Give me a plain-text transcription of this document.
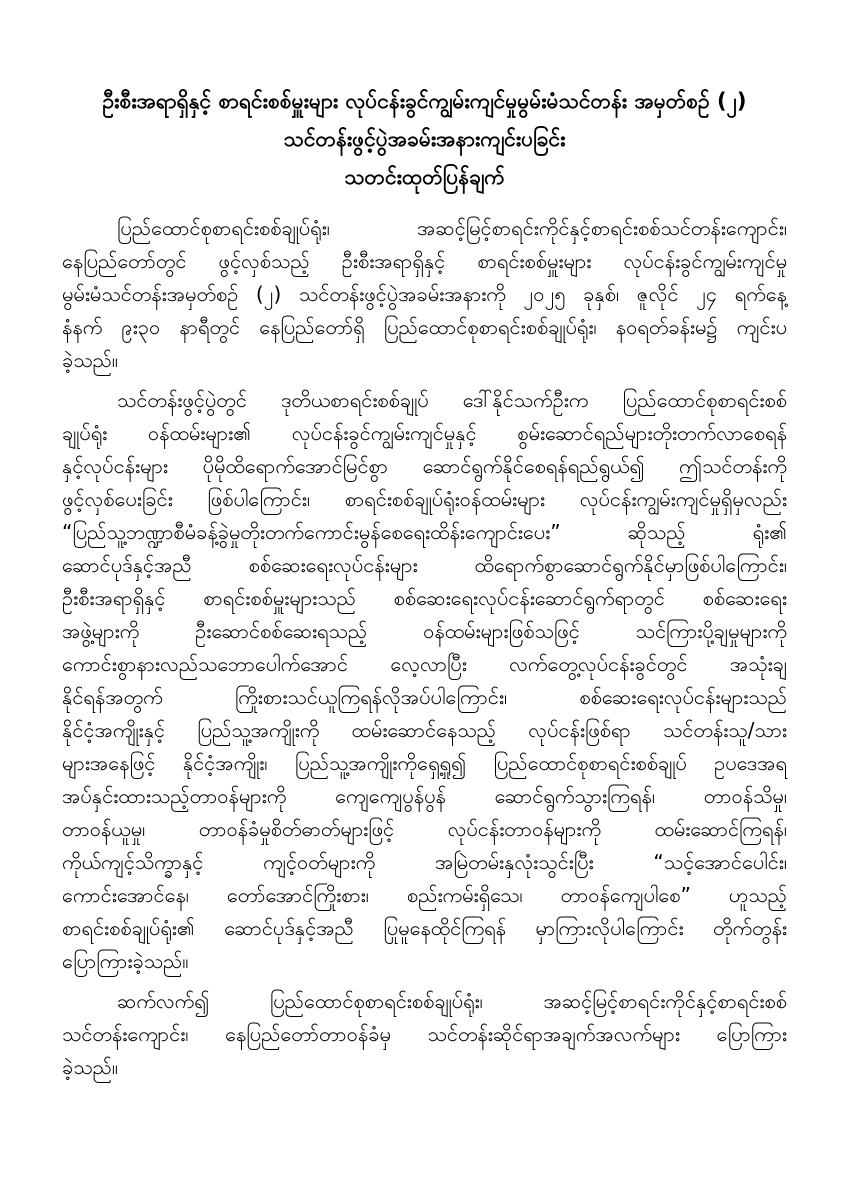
ဦးစီးအရာရှိနှင့် စာရင်းစစ်မှူးများ လုပ်ငန်းခွင်ကျွမ်းကျင်မှုမွမ်းမံသင်တန်း အမှတ်စဉ် (၂)
သင်တန်းဖွင့်ပွဲအခမ်းအနားကျင်းပခြင်း
သတင်းထုတ်ပြန်ချက်
ပြည်ထောင်စုစာရင်းစစ်ချုပ်ရုံး၊ အဆင့်မြင့်စာရင်းကိုင်နှင့်စာရင်းစစ်သင်တန်းကျောင်း၊
နေပြည်တော်တွင် ဖွင့်လှစ်သည့် ဦးစီးအရာရှိနှင့် စာရင်းစစ်မှူးများ လုပ်ငန်းခွင်ကျွမ်းကျင်မှု
မွမ်းမံသင်တန်းအမှတ်စဉ် (၂) သင်တန်းဖွင့်ပွဲအခမ်းအနားကို ၂၀၂၅ ခုနှစ်၊ ဇူလိုင် ၂၄ ရက်နေ့
နံနက် ၉း၃၀ နာရီတွင် နေပြည်တော်ရှိ ပြည်ထောင်စုစာရင်းစစ်ချုပ်ရုံး၊ နဝရတ်ခန်းမ၌ ကျင်းပ
ခဲ့သည်။
သင်တန်းဖွင့်ပွဲတွင် ဒုတိယစာရင်းစစ်ချုပ် ဒေါ်နိုင်သက်ဦးက ပြည်ထောင်စုစာရင်းစစ်
ချုပ်ရုံး ဝန်ထမ်းများ၏ လုပ်ငန်းခွင်ကျွမ်းကျင်မှုနှင့် စွမ်းဆောင်ရည်များတိုးတက်လာစေရန်
နှင့်လုပ်ငန်းများ ပိုမိုထိရောက်အောင်မြင်စွာ ဆောင်ရွက်နိုင်စေရန်ရည်ရွယ်၍ ဤသင်တန်းကို
ဖွင့်လှစ်ပေးခြင်း ဖြစ်ပါကြောင်း၊ စာရင်းစစ်ချုပ်ရုံးဝန်ထမ်းများ လုပ်ငန်းကျွမ်းကျင်မှုရှိမှလည်း
“ပြည်သူ့ဘဏ္ဍာစီမံခန့်ခွဲမှုတိုးတက်ကောင်းမွန်စေရေးထိန်းကျောင်းပေး” ဆိုသည့် ရုံး၏
ဆောင်ပုဒ်နှင့်အညီ စစ်ဆေးရေးလုပ်ငန်းများ ထိရောက်စွာဆောင်ရွက်နိုင်မှာဖြစ်ပါကြောင်း၊
ဦးစီးအရာရှိနှင့် စာရင်းစစ်မှူးများသည် စစ်ဆေးရေးလုပ်ငန်းဆောင်ရွက်ရာတွင် စစ်ဆေးရေး
အဖွဲ့များကို ဦးဆောင်စစ်ဆေးရသည့် ဝန်ထမ်းများဖြစ်သဖြင့် သင်ကြားပို့ချမှုများကို
ကောင်းစွာနားလည်သဘောပေါက်အောင် လေ့လာပြီး လက်တွေ့လုပ်ငန်းခွင်တွင် အသုံးချ
နိုင်ရန်အတွက် ကြိုးစားသင်ယူကြရန်လိုအပ်ပါကြောင်း၊ စစ်ဆေးရေးလုပ်ငန်းများသည်
နိုင်ငံ့အကျိုးနှင့် ပြည်သူ့အကျိုးကို ထမ်းဆောင်နေသည့် လုပ်ငန်းဖြစ်ရာ သင်တန်းသူ/သား
များအနေဖြင့် နိုင်ငံ့အကျိုး၊ ပြည်သူ့အကျိုးကိုရှေ့ရှု၍ ပြည်ထောင်စုစာရင်းစစ်ချုပ် ဥပဒေအရ
အပ်နှင်းထားသည့်တာဝန်များကို ကျေကျေပွန်ပွန် ဆောင်ရွက်သွားကြရန်၊ တာဝန်သိမှု၊
တာဝန်ယူမှု၊ တာဝန်ခံမှုစိတ်ဓာတ်များဖြင့် လုပ်ငန်းတာဝန်များကို ထမ်းဆောင်ကြရန်၊
ကိုယ်ကျင့်သိက္ခာနှင့် ကျင့်ဝတ်များကို အမြဲတမ်းနှလုံးသွင်းပြီး “သင့်အောင်ပေါင်း၊
ကောင်းအောင်နေ၊ တော်အောင်ကြိုးစား၊ စည်းကမ်းရှိသေ၊ တာဝန်ကျေပါစေ” ဟူသည့်
စာရင်းစစ်ချုပ်ရုံး၏ ဆောင်ပုဒ်နှင့်အညီ ပြုမူနေထိုင်ကြရန် မှာကြားလိုပါကြောင်း တိုက်တွန်း
ပြောကြားခဲ့သည်။
ဆက်လက်၍ ပြည်ထောင်စုစာရင်းစစ်ချုပ်ရုံး၊ အဆင့်မြင့်စာရင်းကိုင်နှင့်စာရင်းစစ်
သင်တန်းကျောင်း၊ နေပြည်တော်တာဝန်ခံမှ သင်တန်းဆိုင်ရာအချက်အလက်များ ပြောကြား
ခဲ့သည်။
